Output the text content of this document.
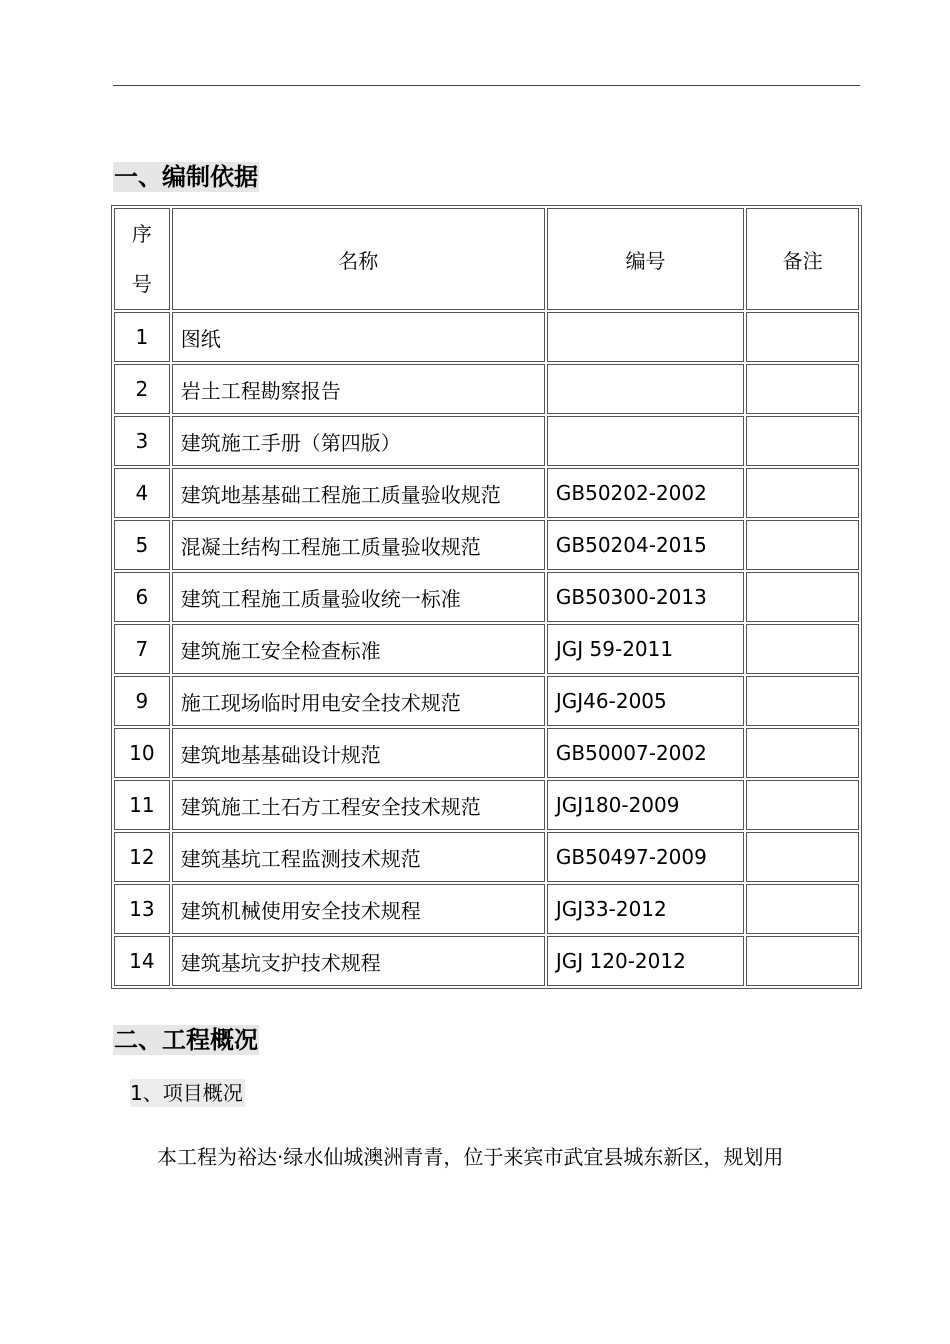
一、编制依据
序
号	名称	编号	备注
1	图纸		
2	岩土工程勘察报告		
3	建筑施工手册（第四版）		
4	建筑地基基础工程施工质量验收规范	GB50202-2002	
5	混凝土结构工程施工质量验收规范	GB50204-2015	
6	建筑工程施工质量验收统一标准	GB50300-2013	
7	建筑施工安全检查标准	JGJ 59-2011	
9	施工现场临时用电安全技术规范	JGJ46-2005	
10	建筑地基基础设计规范	GB50007-2002	
11	建筑施工土石方工程安全技术规范	JGJ180-2009	
12	建筑基坑工程监测技术规范	GB50497-2009	
13	建筑机械使用安全技术规程	JGJ33-2012	
14	建筑基坑支护技术规程	JGJ 120-2012	
二、工程概况
1、项目概况
本工程为裕达·绿水仙城澳洲青青，位于来宾市武宜县城东新区，规划用
